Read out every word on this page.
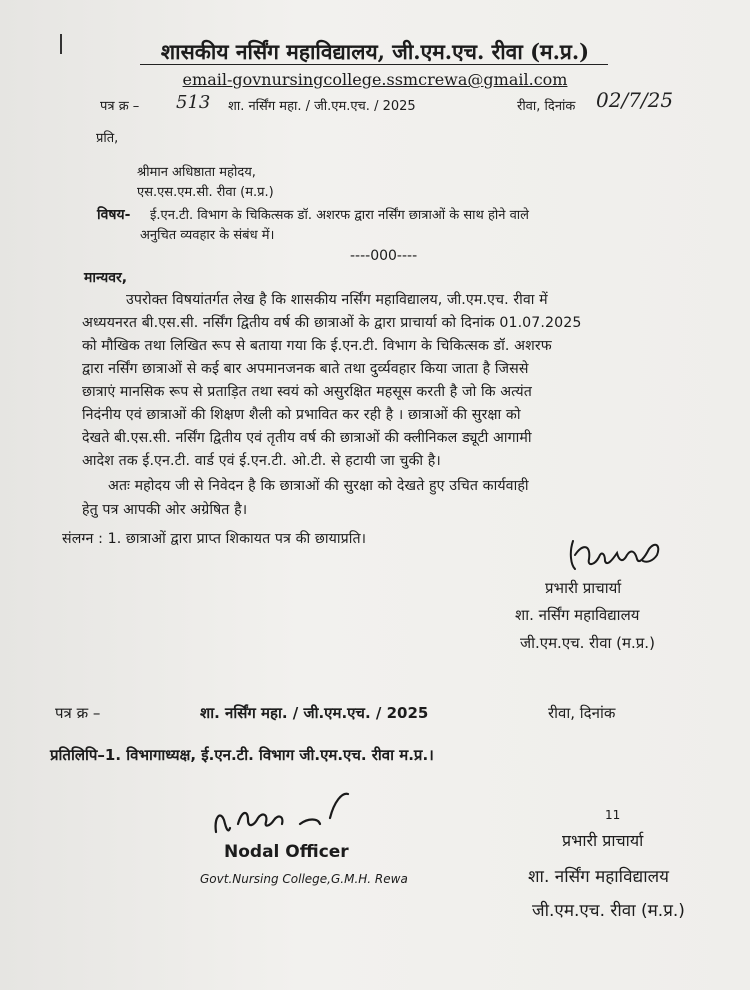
शासकीय नर्सिंग महाविद्यालय, जी.एम.एच. रीवा (म.प्र.)
email-govnursingcollege.ssmcrewa@gmail.com
पत्र क्र – 513 शा. नर्सिंग महा. / जी.एम.एच. / 2025	रीवा, दिनांक 02/7/25
प्रति,
श्रीमान अधिष्ठाता महोदय,
एस.एस.एम.सी. रीवा (म.प्र.)
विषय- ई.एन.टी. विभाग के चिकित्सक डॉ. अशरफ द्वारा नर्सिंग छात्राओं के साथ होने वाले
अनुचित व्यवहार के संबंध में।
----000----
मान्यवर,
उपरोक्त विषयांतर्गत लेख है कि शासकीय नर्सिंग महाविद्यालय, जी.एम.एच. रीवा में
अध्ययनरत बी.एस.सी. नर्सिंग द्वितीय वर्ष की छात्राओं के द्वारा प्राचार्या को दिनांक 01.07.2025
को मौखिक तथा लिखित रूप से बताया गया कि ई.एन.टी. विभाग के चिकित्सक डॉ. अशरफ
द्वारा नर्सिंग छात्राओं से कई बार अपमानजनक बाते तथा दुर्व्यवहार किया जाता है जिससे
छात्राएं मानसिक रूप से प्रताड़ित तथा स्वयं को असुरक्षित महसूस करती है जो कि अत्यंत
निदंनीय एवं छात्राओं की शिक्षण शैली को प्रभावित कर रही है । छात्राओं की सुरक्षा को
देखते बी.एस.सी. नर्सिंग द्वितीय एवं तृतीय वर्ष की छात्राओं की क्लीनिकल ड्यूटी आगामी
आदेश तक ई.एन.टी. वार्ड एवं ई.एन.टी. ओ.टी. से हटायी जा चुकी है।
अतः महोदय जी से निवेदन है कि छात्राओं की सुरक्षा को देखते हुए उचित कार्यवाही
हेतु पत्र आपकी ओर अग्रेषित है।
संलग्न : 1. छात्राओं द्वारा प्राप्त शिकायत पत्र की छायाप्रति।
प्रभारी प्राचार्या
शा. नर्सिंग महाविद्यालय
जी.एम.एच. रीवा (म.प्र.)
पत्र क्र –	शा. नर्सिंग महा. / जी.एम.एच. / 2025	रीवा, दिनांक
प्रतिलिपि–1. विभागाध्यक्ष, ई.एन.टी. विभाग जी.एम.एच. रीवा म.प्र.।
Nodal Officer
Govt.Nursing College,G.M.H. Rewa
11
प्रभारी प्राचार्या
शा. नर्सिंग महाविद्यालय
जी.एम.एच. रीवा (म.प्र.)
